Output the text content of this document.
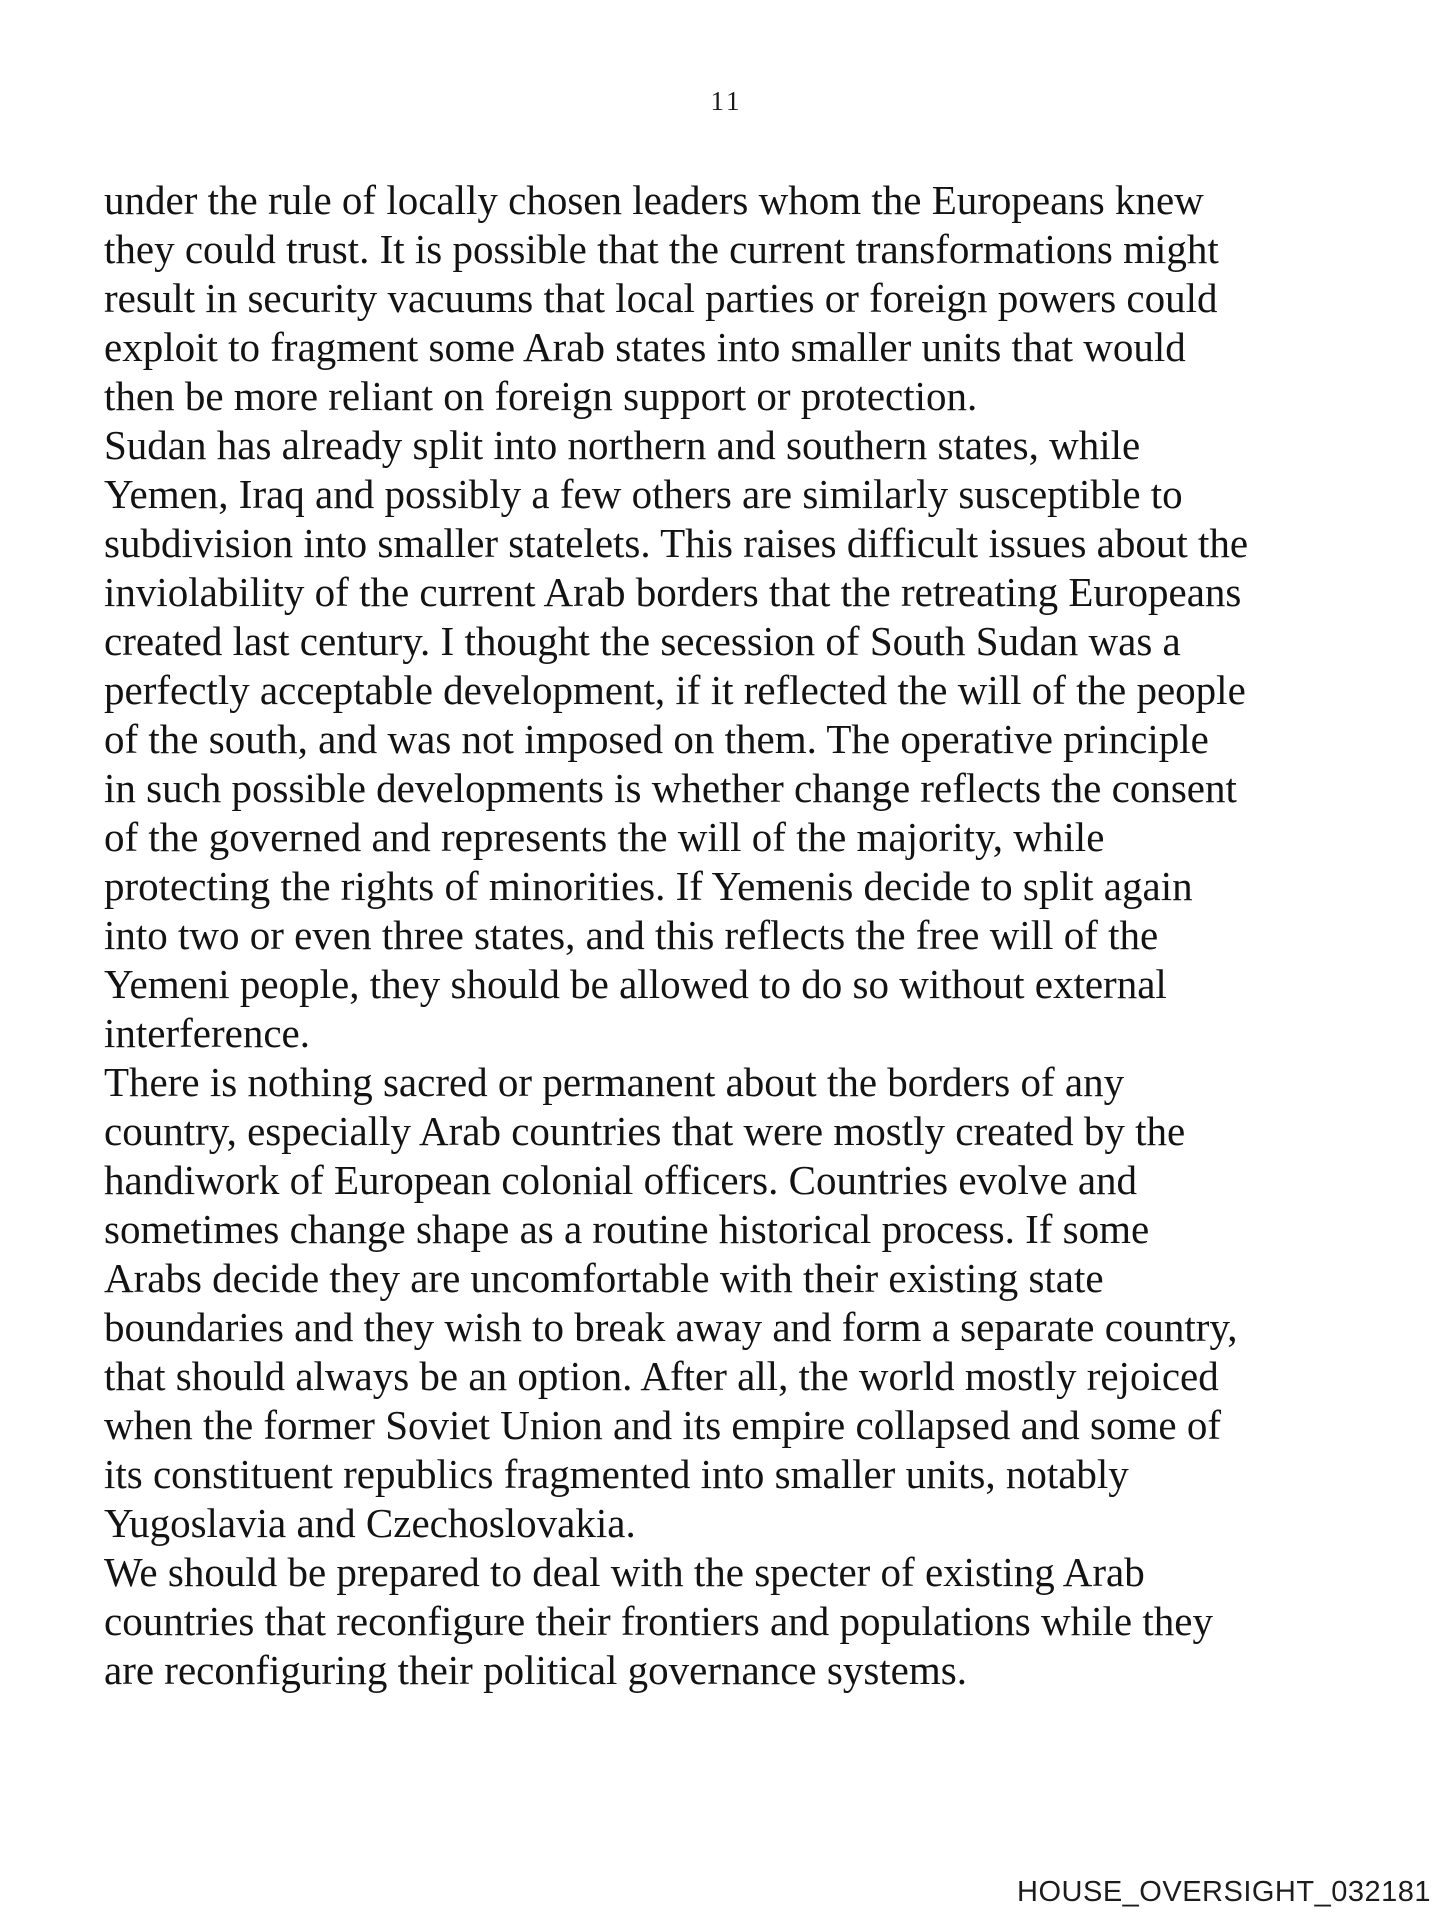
11
under the rule of locally chosen leaders whom the Europeans knew
they could trust. It is possible that the current transformations might
result in security vacuums that local parties or foreign powers could
exploit to fragment some Arab states into smaller units that would
then be more reliant on foreign support or protection.
Sudan has already split into northern and southern states, while
Yemen, Iraq and possibly a few others are similarly susceptible to
subdivision into smaller statelets. This raises difficult issues about the
inviolability of the current Arab borders that the retreating Europeans
created last century. I thought the secession of South Sudan was a
perfectly acceptable development, if it reflected the will of the people
of the south, and was not imposed on them. The operative principle
in such possible developments is whether change reflects the consent
of the governed and represents the will of the majority, while
protecting the rights of minorities. If Yemenis decide to split again
into two or even three states, and this reflects the free will of the
Yemeni people, they should be allowed to do so without external
interference.
There is nothing sacred or permanent about the borders of any
country, especially Arab countries that were mostly created by the
handiwork of European colonial officers. Countries evolve and
sometimes change shape as a routine historical process. If some
Arabs decide they are uncomfortable with their existing state
boundaries and they wish to break away and form a separate country,
that should always be an option. After all, the world mostly rejoiced
when the former Soviet Union and its empire collapsed and some of
its constituent republics fragmented into smaller units, notably
Yugoslavia and Czechoslovakia.
We should be prepared to deal with the specter of existing Arab
countries that reconfigure their frontiers and populations while they
are reconfiguring their political governance systems.
HOUSE_OVERSIGHT_032181
